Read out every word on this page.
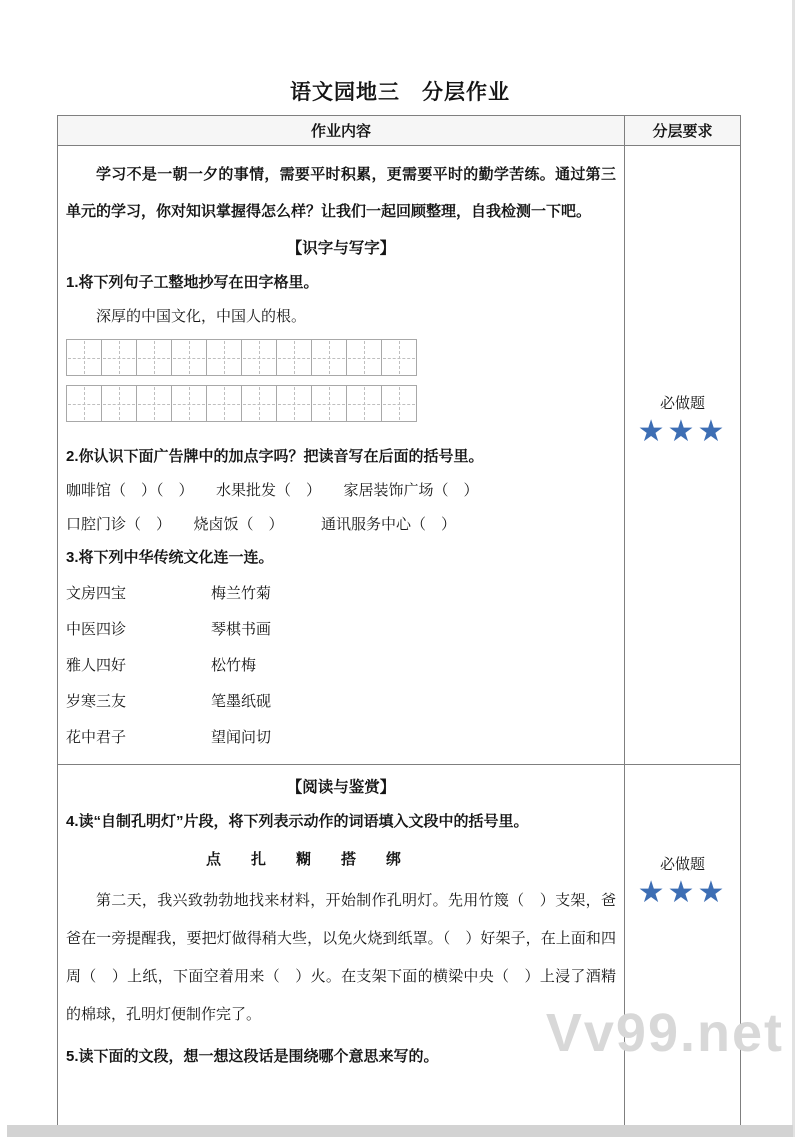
语文园地三　分层作业
作业内容	分层要求

学习不是一朝一夕的事情，需要平时积累，更需要平时的勤学苦练。通过第三单元的学习，你对知识掌握得怎么样？让我们一起回顾整理，自我检测一下吧。

【识字与写字】
1.将下列句子工整地抄写在田字格里。
深厚的中国文化，中国人的根。
2.你认识下面广告牌中的加点字吗？把读音写在后面的括号里。
咖啡馆（　）（　）　　水果批发（　）　　家居装饰广场（　）
口腔门诊（　）　　烧卤饭（　）　　　通讯服务中心（　）
3.将下列中华传统文化连一连。
文房四宝	梅兰竹菊
中医四诊	琴棋书画
雅人四好	松竹梅
岁寒三友	笔墨纸砚
花中君子	望闻问切
必做题
★★★
【阅读与鉴赏】
4.读“自制孔明灯”片段，将下列表示动作的词语填入文段中的括号里。
点　　扎　　糊　　搭　　绑

第二天，我兴致勃勃地找来材料，开始制作孔明灯。先用竹篾（　）支架，爸爸在一旁提醒我，要把灯做得稍大些，以免火烧到纸罩。（　）好架子，在上面和四周（　）上纸，下面空着用来（　）火。在支架下面的横梁中央（　）上浸了酒精的棉球，孔明灯便制作完了。

5.读下面的文段，想一想这段话是围绕哪个意思来写的。
必做题
★★★
Vv99.net
